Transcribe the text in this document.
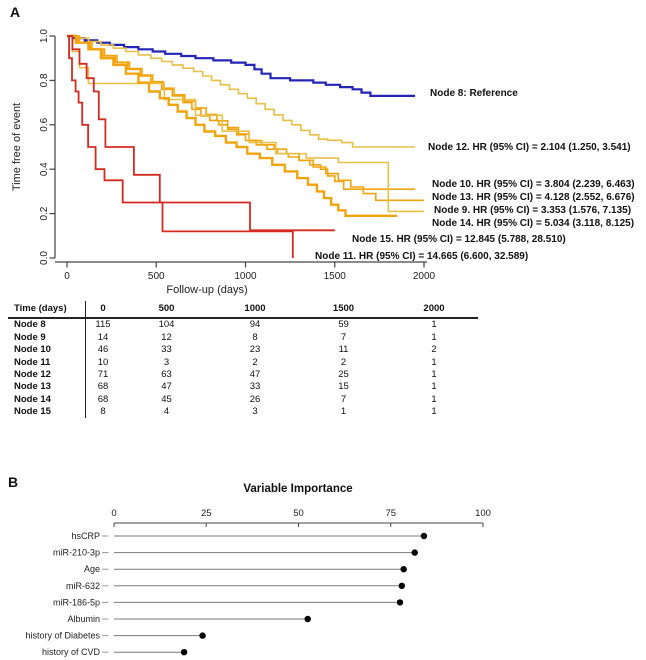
A
0.0
0.2
0.4
0.6
0.8
1.0
Time free of event
0	500	1000	1500	2000
Follow-up (days)
Node 8: Reference
Node 12. HR (95% CI) = 2.104 (1.250, 3.541)
Node 10. HR (95% CI) = 3.804 (2.239, 6.463)
Node 13. HR (95% CI) = 4.128 (2.552, 6.676)
Node 9. HR (95% CI) = 3.353 (1.576, 7.135)
Node 14. HR (95% CI) = 5.034 (3.118, 8.125)
Node 15. HR (95% CI) = 12.845 (5.788, 28.510)
Node 11. HR (95% CI) = 14.665 (6.600, 32.589)
Time (days)	0	500	1000	1500	2000
Node 8	115	104	94	59	1
Node 9	14	12	8	7	1
Node 10	46	33	23	11	2
Node 11	10	3	2	2	1
Node 12	71	63	47	25	1
Node 13	68	47	33	15	1
Node 14	68	45	26	7	1
Node 15	8	4	3	1	1
B	Variable Importance
0	25	50	75	100
hsCRP
miR-210-3p
Age
miR-632
miR-186-5p
Albumin
history of Diabetes
history of CVD
